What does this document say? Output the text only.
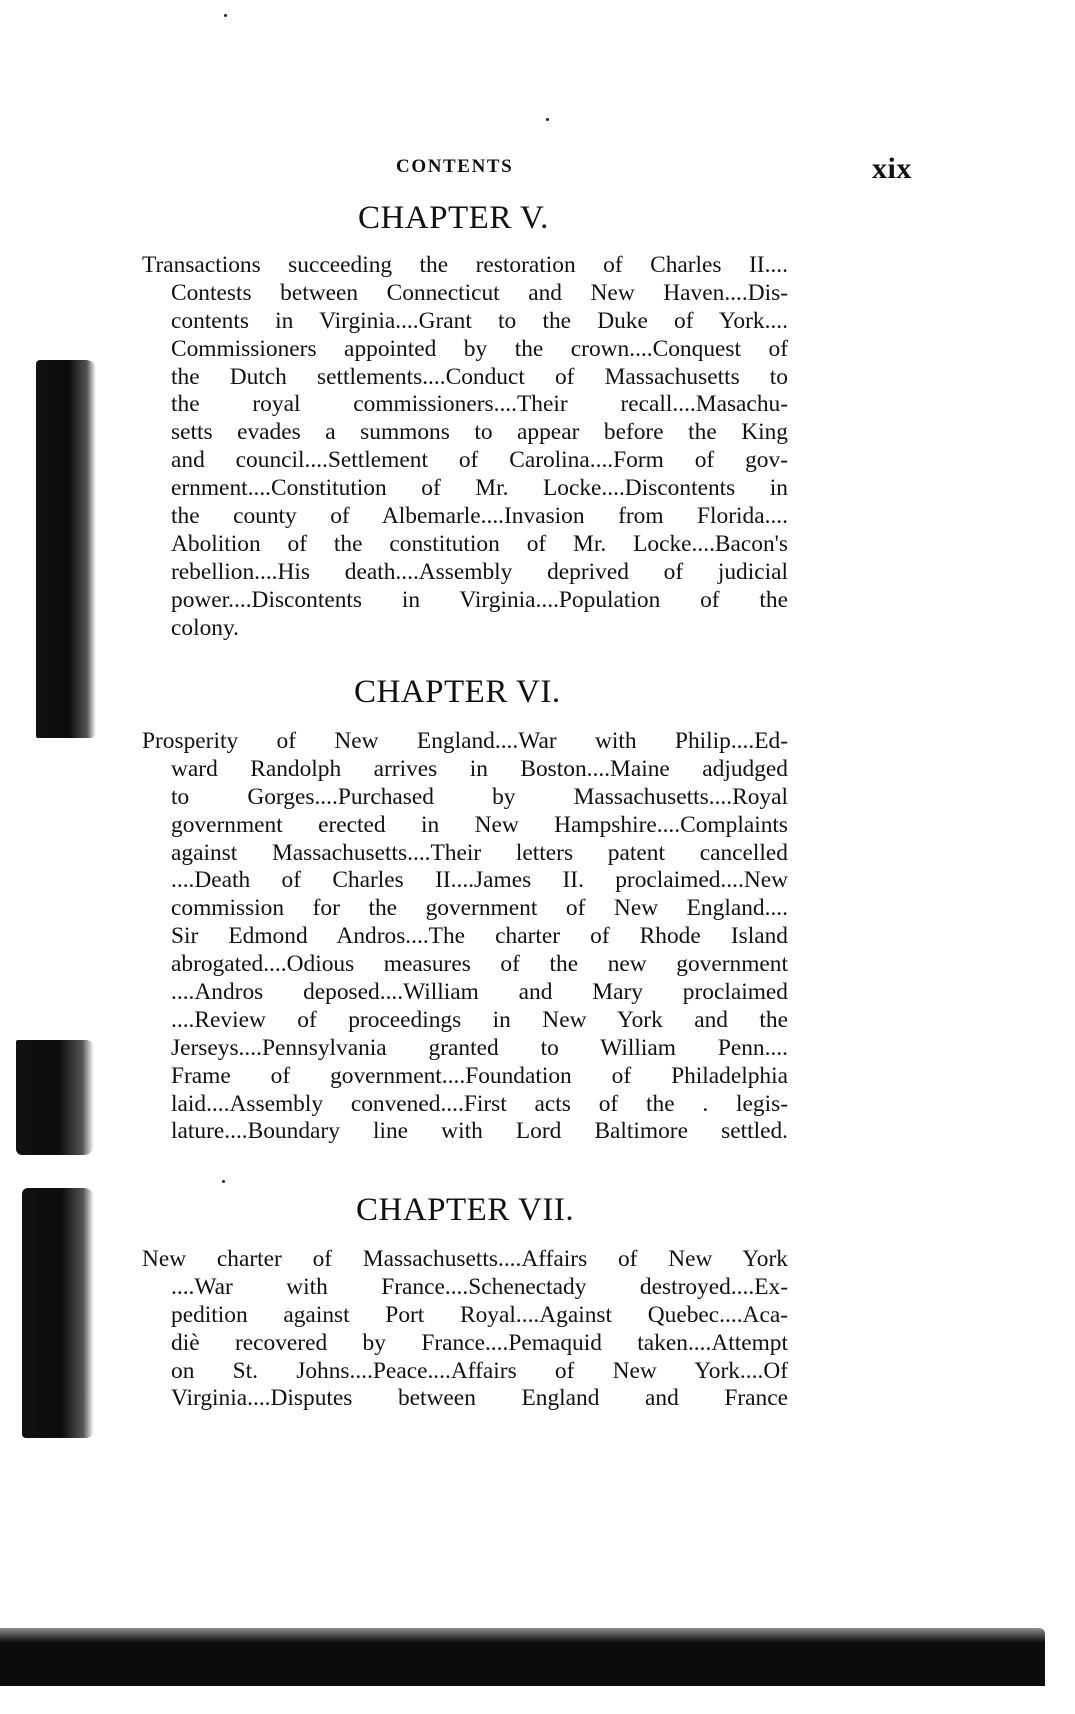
CONTENTS	xix
CHAPTER V.
Transactions succeeding the restoration of Charles II....
Contests between Connecticut and New Haven....Dis-
contents in Virginia....Grant to the Duke of York....
Commissioners appointed by the crown....Conquest of
the Dutch settlements....Conduct of Massachusetts to
the royal commissioners....Their recall....Masachu-
setts evades a summons to appear before the King
and council....Settlement of Carolina....Form of gov-
ernment....Constitution of Mr. Locke....Discontents in
the county of Albemarle....Invasion from Florida....
Abolition of the constitution of Mr. Locke....Bacon's
rebellion....His death....Assembly deprived of judicial
power....Discontents in Virginia....Population of the
colony.
CHAPTER VI.
Prosperity of New England....War with Philip....Ed-
ward Randolph arrives in Boston....Maine adjudged
to Gorges....Purchased by Massachusetts....Royal
government erected in New Hampshire....Complaints
against Massachusetts....Their letters patent cancelled
....Death of Charles II....James II. proclaimed....New
commission for the government of New England....
Sir Edmond Andros....The charter of Rhode Island
abrogated....Odious measures of the new government
....Andros deposed....William and Mary proclaimed
....Review of proceedings in New York and the
Jerseys....Pennsylvania granted to William Penn....
Frame of government....Foundation of Philadelphia
laid....Assembly convened....First acts of the . legis-
lature....Boundary line with Lord Baltimore settled.
CHAPTER VII.
New charter of Massachusetts....Affairs of New York
....War with France....Schenectady destroyed....Ex-
pedition against Port Royal....Against Quebec....Aca-
diè recovered by France....Pemaquid taken....Attempt
on St. Johns....Peace....Affairs of New York....Of
Virginia....Disputes between England and France
